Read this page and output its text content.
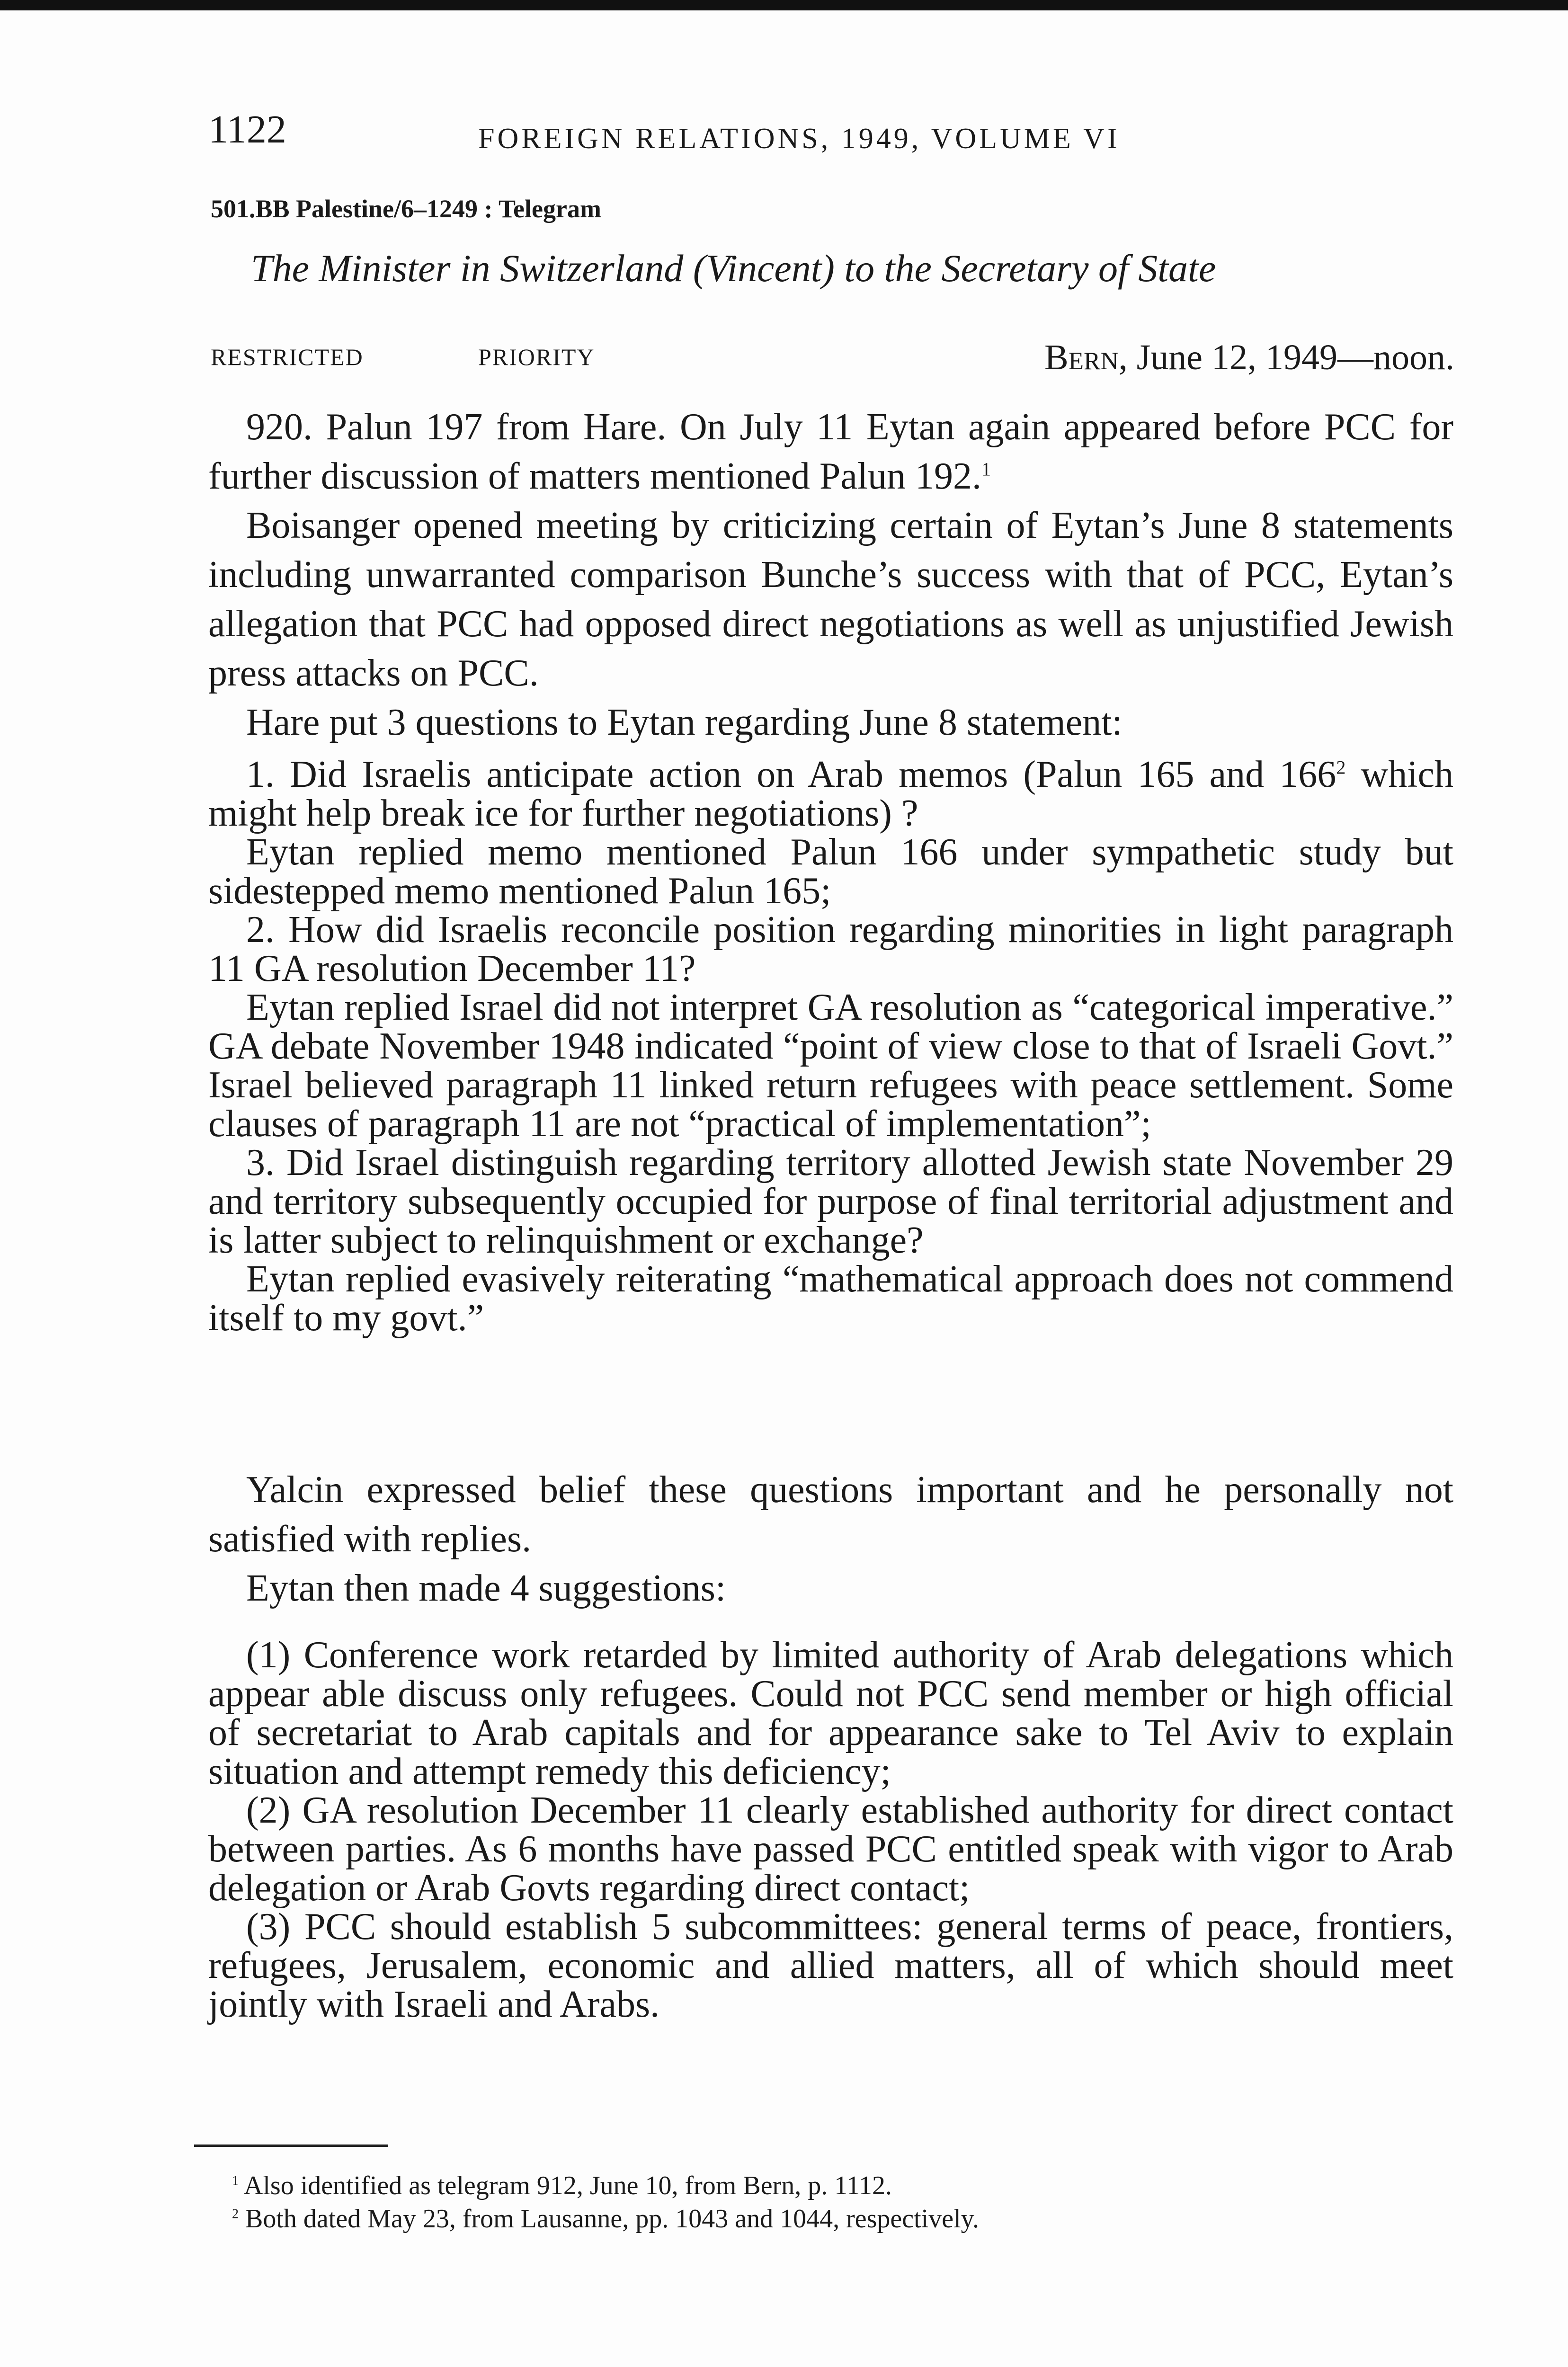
1122	FOREIGN RELATIONS, 1949, VOLUME VI
501.BB Palestine/6–1249 : Telegram
The Minister in Switzerland (Vincent) to the Secretary of State
RESTRICTED	PRIORITY	Bern, June 12, 1949—noon.

920. Palun 197 from Hare. On July 11 Eytan again appeared before PCC for further discussion of matters mentioned Palun 192.$^1$

Boisanger opened meeting by criticizing certain of Eytan’s June 8 statements including unwarranted comparison Bunche’s success with that of PCC, Eytan’s allegation that PCC had opposed direct negotiations as well as unjustified Jewish press attacks on PCC.

Hare put 3 questions to Eytan regarding June 8 statement:

1. Did Israelis anticipate action on Arab memos (Palun 165 and $166^2$ which might help break ice for further negotiations) ?

Eytan replied memo mentioned Palun 166 under sympathetic study but sidestepped memo mentioned Palun 165;

2. How did Israelis reconcile position regarding minorities in light paragraph 11 GA resolution December 11?

Eytan replied Israel did not interpret GA resolution as “categorical imperative.” GA debate November 1948 indicated “point of view close to that of Israeli Govt.” Israel believed paragraph 11 linked return refugees with peace settlement. Some clauses of paragraph 11 are not “practical of implementation”;

3. Did Israel distinguish regarding territory allotted Jewish state November 29 and territory subsequently occupied for purpose of final territorial adjustment and is latter subject to relinquishment or exchange?

Eytan replied evasively reiterating “mathematical approach does not commend itself to my govt.”

Yalcin expressed belief these questions important and he personally not satisfied with replies.

Eytan then made 4 suggestions:

(1) Conference work retarded by limited authority of Arab delegations which appear able discuss only refugees. Could not PCC send member or high official of secretariat to Arab capitals and for appearance sake to Tel Aviv to explain situation and attempt remedy this deficiency;

(2) GA resolution December 11 clearly established authority for direct contact between parties. As 6 months have passed PCC entitled speak with vigor to Arab delegation or Arab Govts regarding direct contact;

(3) PCC should establish 5 subcommittees: general terms of peace, frontiers, refugees, Jerusalem, economic and allied matters, all of which should meet jointly with Israeli and Arabs.

$^1$ Also identified as telegram 912, June 10, from Bern, p. 1112.
$^2$ Both dated May 23, from Lausanne, pp. 1043 and 1044, respectively.
